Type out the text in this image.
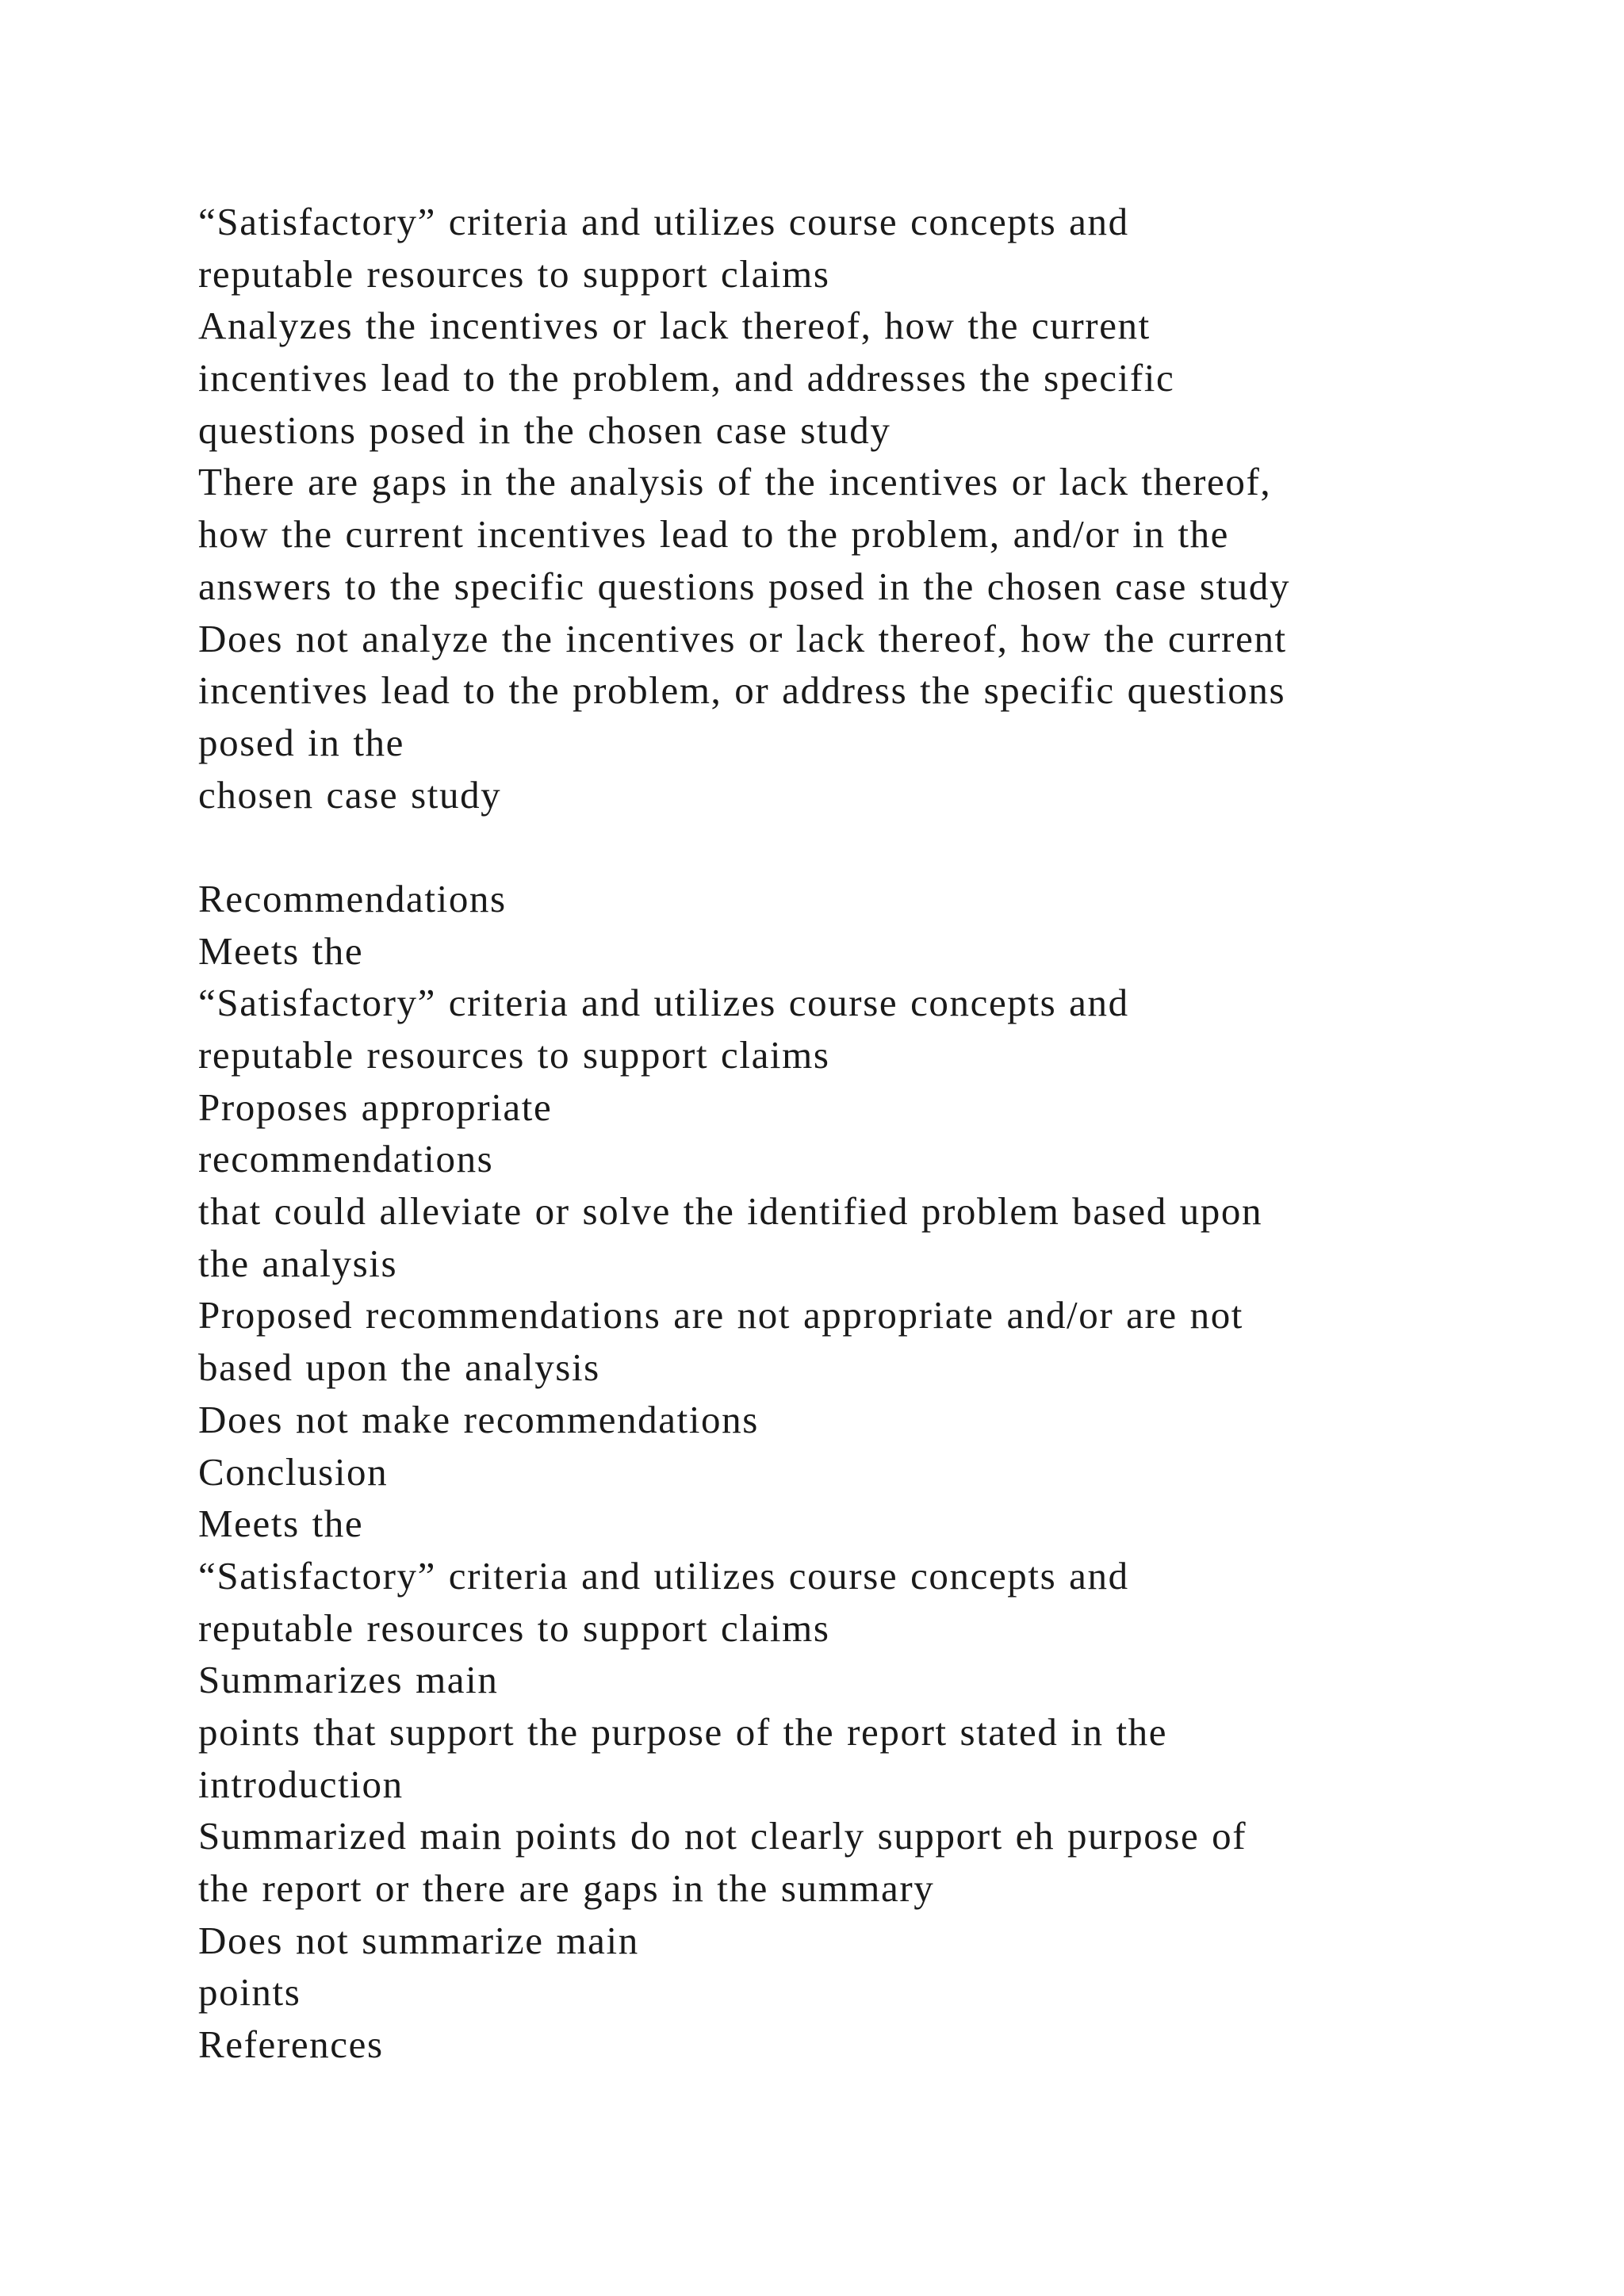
“Satisfactory” criteria and utilizes course concepts and
reputable resources to support claims
Analyzes the incentives or lack thereof, how the current
incentives lead to the problem, and addresses the specific
questions posed in the chosen case study
There are gaps in the analysis of the incentives or lack thereof,
how the current incentives lead to the problem, and/or in the
answers to the specific questions posed in the chosen case study
Does not analyze the incentives or lack thereof, how the current
incentives lead to the problem, or address the specific questions
posed in the
chosen case study
Recommendations
Meets the
“Satisfactory” criteria and utilizes course concepts and
reputable resources to support claims
Proposes appropriate
recommendations
that could alleviate or solve the identified problem based upon
the analysis
Proposed recommendations are not appropriate and/or are not
based upon the analysis
Does not make recommendations
Conclusion
Meets the
“Satisfactory” criteria and utilizes course concepts and
reputable resources to support claims
Summarizes main
points that support the purpose of the report stated in the
introduction
Summarized main points do not clearly support eh purpose of
the report or there are gaps in the summary
Does not summarize main
points
References
